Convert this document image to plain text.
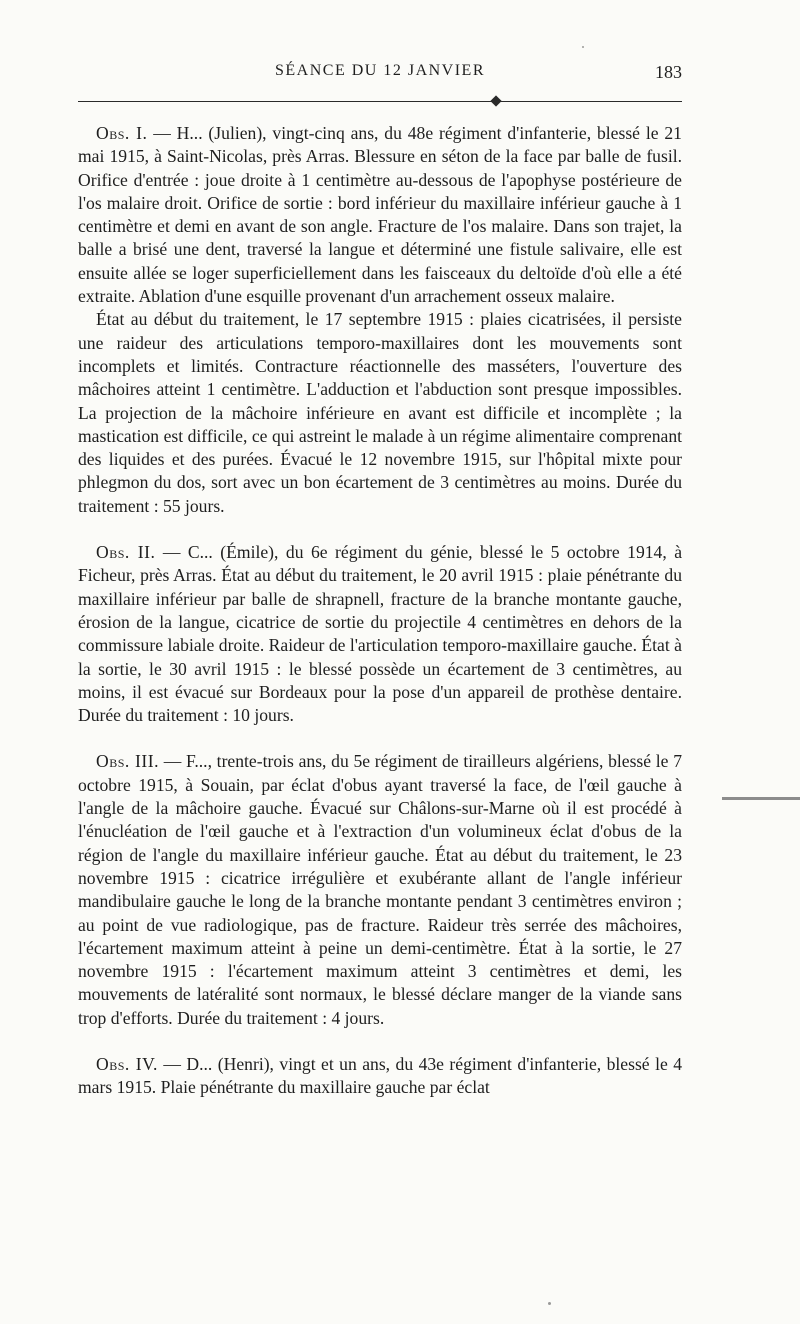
SÉANCE DU 12 JANVIER	183

Obs. I. — H... (Julien), vingt-cinq ans, du 48e régiment d'infanterie, blessé le 21 mai 1915, à Saint-Nicolas, près Arras. Blessure en séton de la face par balle de fusil. Orifice d'entrée : joue droite à 1 centimètre au-dessous de l'apophyse postérieure de l'os malaire droit. Orifice de sortie : bord inférieur du maxillaire inférieur gauche à 1 centimètre et demi en avant de son angle. Fracture de l'os malaire. Dans son trajet, la balle a brisé une dent, traversé la langue et déterminé une fistule salivaire, elle est ensuite allée se loger superficiellement dans les faisceaux du deltoïde d'où elle a été extraite. Ablation d'une esquille provenant d'un arrachement osseux malaire.

État au début du traitement, le 17 septembre 1915 : plaies cicatrisées, il persiste une raideur des articulations temporo-maxillaires dont les mouvements sont incomplets et limités. Contracture réactionnelle des masséters, l'ouverture des mâchoires atteint 1 centimètre. L'adduction et l'abduction sont presque impossibles. La projection de la mâchoire inférieure en avant est difficile et incomplète ; la mastication est difficile, ce qui astreint le malade à un régime alimentaire comprenant des liquides et des purées. Évacué le 12 novembre 1915, sur l'hôpital mixte pour phlegmon du dos, sort avec un bon écartement de 3 centimètres au moins. Durée du traitement : 55 jours.

Obs. II. — C... (Émile), du 6e régiment du génie, blessé le 5 octobre 1914, à Ficheur, près Arras. État au début du traitement, le 20 avril 1915 : plaie pénétrante du maxillaire inférieur par balle de shrapnell, fracture de la branche montante gauche, érosion de la langue, cicatrice de sortie du projectile 4 centimètres en dehors de la commissure labiale droite. Raideur de l'articulation temporo-maxillaire gauche. État à la sortie, le 30 avril 1915 : le blessé possède un écartement de 3 centimètres, au moins, il est évacué sur Bordeaux pour la pose d'un appareil de prothèse dentaire. Durée du traitement : 10 jours.

Obs. III. — F..., trente-trois ans, du 5e régiment de tirailleurs algériens, blessé le 7 octobre 1915, à Souain, par éclat d'obus ayant traversé la face, de l'œil gauche à l'angle de la mâchoire gauche. Évacué sur Châlons-sur-Marne où il est procédé à l'énucléation de l'œil gauche et à l'extraction d'un volumineux éclat d'obus de la région de l'angle du maxillaire inférieur gauche. État au début du traitement, le 23 novembre 1915 : cicatrice irrégulière et exubérante allant de l'angle inférieur mandibulaire gauche le long de la branche montante pendant 3 centimètres environ ; au point de vue radiologique, pas de fracture. Raideur très serrée des mâchoires, l'écartement maximum atteint à peine un demi-centimètre. État à la sortie, le 27 novembre 1915 : l'écartement maximum atteint 3 centimètres et demi, les mouvements de latéralité sont normaux, le blessé déclare manger de la viande sans trop d'efforts. Durée du traitement : 4 jours.

Obs. IV. — D... (Henri), vingt et un ans, du 43e régiment d'infanterie, blessé le 4 mars 1915. Plaie pénétrante du maxillaire gauche par éclat
